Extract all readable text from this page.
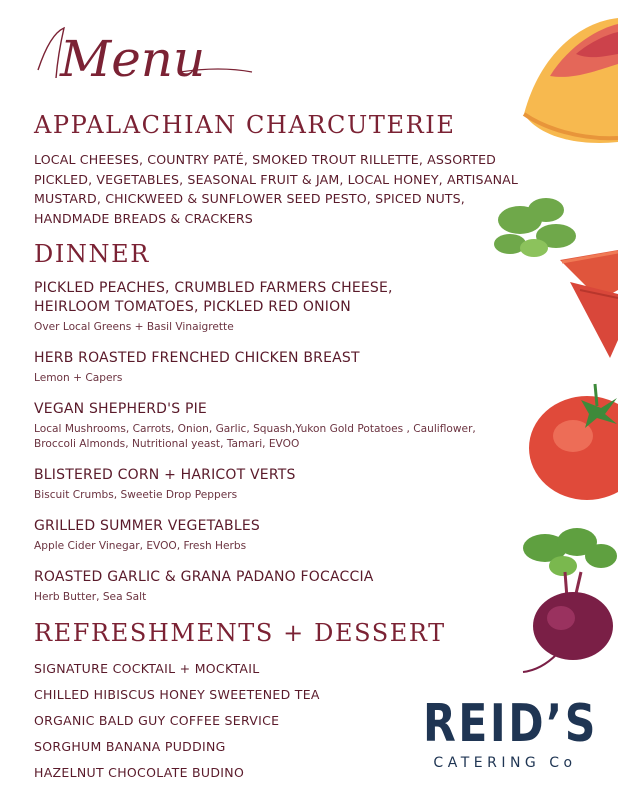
Menu
APPALACHIAN CHARCUTERIE

LOCAL CHEESES, COUNTRY PATÉ, SMOKED TROUT RILLETTE, ASSORTED PICKLED, VEGETABLES, SEASONAL FRUIT & JAM, LOCAL HONEY, ARTISANAL MUSTARD, CHICKWEED & SUNFLOWER SEED PESTO, SPICED NUTS, HANDMADE BREADS & CRACKERS

DINNER
PICKLED PEACHES, CRUMBLED FARMERS CHEESE,
HEIRLOOM TOMATOES, PICKLED RED ONION
Over Local Greens + Basil Vinaigrette
HERB ROASTED FRENCHED CHICKEN BREAST
Lemon + Capers
VEGAN SHEPHERD'S PIE
Local Mushrooms, Carrots, Onion, Garlic, Squash,Yukon Gold Potatoes , Cauliflower,
Broccoli Almonds, Nutritional yeast, Tamari, EVOO
BLISTERED CORN + HARICOT VERTS
Biscuit Crumbs, Sweetie Drop Peppers
GRILLED SUMMER VEGETABLES
Apple Cider Vinegar, EVOO, Fresh Herbs
ROASTED GARLIC & GRANA PADANO FOCACCIA
Herb Butter, Sea Salt
REFRESHMENTS + DESSERT
SIGNATURE COCKTAIL + MOCKTAIL
CHILLED HIBISCUS HONEY SWEETENED TEA
ORGANIC BALD GUY COFFEE SERVICE
SORGHUM BANANA PUDDING
HAZELNUT CHOCOLATE BUDINO
REID’S
CATERING Co
